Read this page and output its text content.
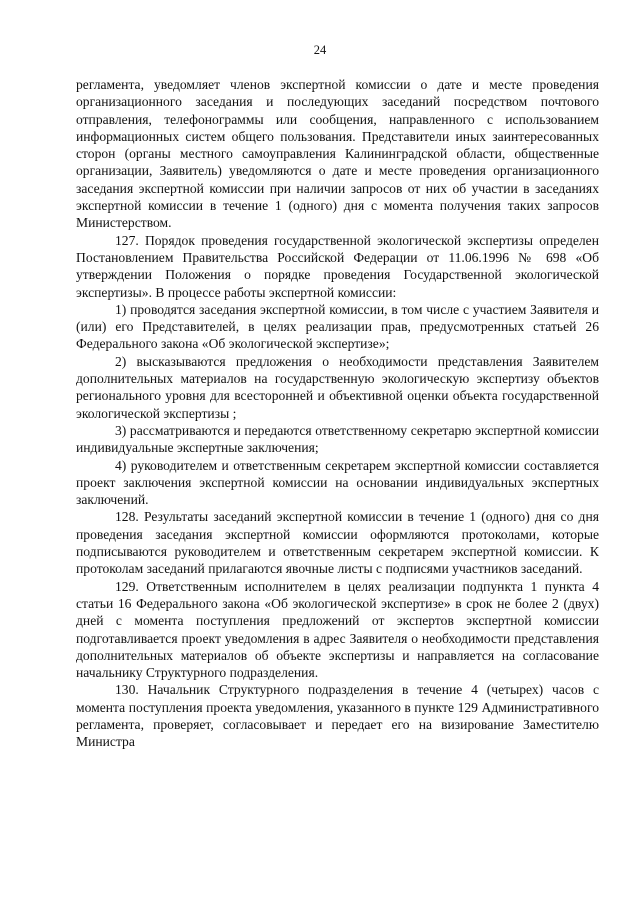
24

регламента, уведомляет членов экспертной комиссии о дате и месте проведения организационного заседания и последующих заседаний посредством почтового отправления, телефонограммы или сообщения, направленного с использованием информационных систем общего пользования. Представители иных заинтересованных сторон (органы местного самоуправления Калининградской области, общественные организации, Заявитель) уведомляются о дате и месте проведения организационного заседания экспертной комиссии при наличии запросов от них об участии в заседаниях экспертной комиссии в течение 1 (одного) дня с момента получения таких запросов Министерством.

127. Порядок проведения государственной экологической экспертизы определен Постановлением Правительства Российской Федерации от 11.06.1996 № 698 «Об утверждении Положения о порядке проведения Государственной экологической экспертизы». В процессе работы экспертной комиссии:

1) проводятся заседания экспертной комиссии, в том числе с участием Заявителя и (или) его Представителей, в целях реализации прав, предусмотренных статьей 26 Федерального закона «Об экологической экспертизе»;

2) высказываются предложения о необходимости представления Заявителем дополнительных материалов на государственную экологическую экспертизу объектов регионального уровня для всесторонней и объективной оценки объекта государственной экологической экспертизы ;

3) рассматриваются и передаются ответственному секретарю экспертной комиссии индивидуальные экспертные заключения;

4) руководителем и ответственным секретарем экспертной комиссии составляется проект заключения экспертной комиссии на основании индивидуальных экспертных заключений.

128. Результаты заседаний экспертной комиссии в течение 1 (одного) дня со дня проведения заседания экспертной комиссии оформляются протоколами, которые подписываются руководителем и ответственным секретарем экспертной комиссии. К протоколам заседаний прилагаются явочные листы с подписями участников заседаний.

129. Ответственным исполнителем в целях реализации подпункта 1 пункта 4 статьи 16 Федерального закона «Об экологической экспертизе» в срок не более 2 (двух) дней с момента поступления предложений от экспертов экспертной комиссии подготавливается проект уведомления в адрес Заявителя о необходимости представления дополнительных материалов об объекте экспертизы и направляется на согласование начальнику Структурного подразделения.

130. Начальник Структурного подразделения в течение 4 (четырех) часов с момента поступления проекта уведомления, указанного в пункте 129 Административного регламента, проверяет, согласовывает и передает его на визирование Заместителю Министра
